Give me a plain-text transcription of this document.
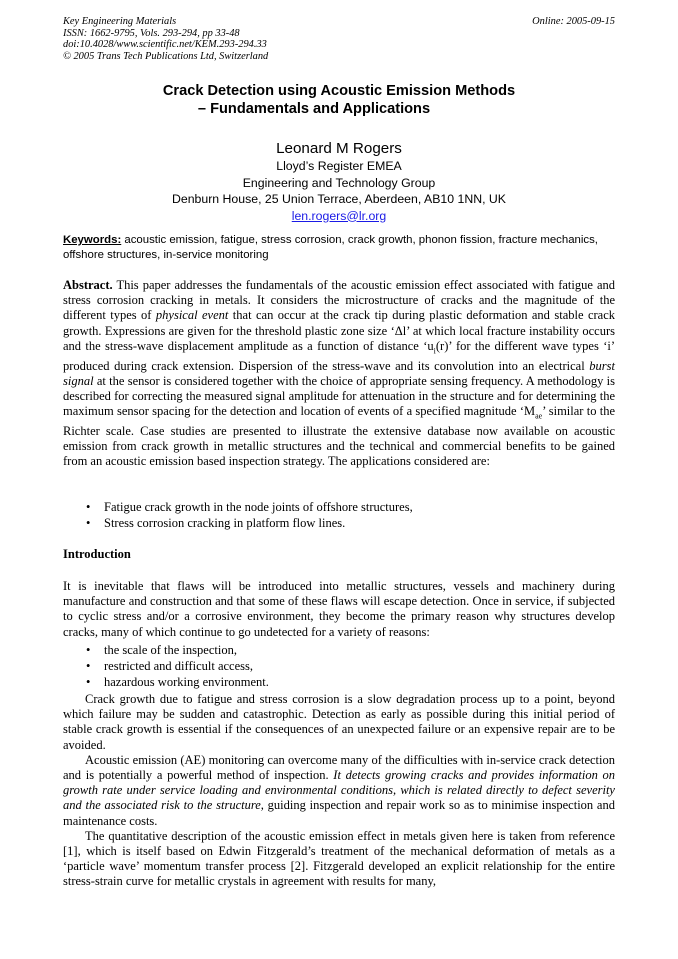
Key Engineering Materials
ISSN: 1662-9795, Vols. 293-294, pp 33-48
doi:10.4028/www.scientific.net/KEM.293-294.33
© 2005 Trans Tech Publications Ltd, Switzerland
Online: 2005-09-15
Crack Detection using Acoustic Emission Methods
– Fundamentals and Applications
Leonard M Rogers
Lloyd’s Register EMEA
Engineering and Technology Group
Denburn House, 25 Union Terrace, Aberdeen, AB10 1NN, UK
len.rogers@lr.org
Keywords: acoustic emission, fatigue, stress corrosion, crack growth, phonon fission, fracture mechanics, offshore structures, in-service monitoring

Abstract. This paper addresses the fundamentals of the acoustic emission effect associated with fatigue and stress corrosion cracking in metals. It considers the microstructure of cracks and the magnitude of the different types of physical event that can occur at the crack tip during plastic deformation and stable crack growth. Expressions are given for the threshold plastic zone size ‘Δl’ at which local fracture instability occurs and the stress-wave displacement amplitude as a function of distance ‘$u_i(r)$’ for the different wave types ‘i’ produced during crack extension. Dispersion of the stress-wave and its convolution into an electrical burst signal at the sensor is considered together with the choice of appropriate sensing frequency. A methodology is described for correcting the measured signal amplitude for attenuation in the structure and for determining the maximum sensor spacing for the detection and location of events of a specified magnitude ‘$M_{ae}$’ similar to the Richter scale. Case studies are presented to illustrate the extensive database now available on acoustic emission from crack growth in metallic structures and the technical and commercial benefits to be gained from an acoustic emission based inspection strategy. The applications considered are:

• Fatigue crack growth in the node joints of offshore structures,
• Stress corrosion cracking in platform flow lines.
Introduction

It is inevitable that flaws will be introduced into metallic structures, vessels and machinery during manufacture and construction and that some of these flaws will escape detection. Once in service, if subjected to cyclic stress and/or a corrosive environment, they become the primary reason why structures develop cracks, many of which continue to go undetected for a variety of reasons:

• the scale of the inspection,
• restricted and difficult access,
• hazardous working environment.

Crack growth due to fatigue and stress corrosion is a slow degradation process up to a point, beyond which failure may be sudden and catastrophic. Detection as early as possible during this initial period of stable crack growth is essential if the consequences of an unexpected failure or an expensive repair are to be avoided.

Acoustic emission (AE) monitoring can overcome many of the difficulties with in-service crack detection and is potentially a powerful method of inspection. It detects growing cracks and provides information on growth rate under service loading and environmental conditions, which is related directly to defect severity and the associated risk to the structure, guiding inspection and repair work so as to minimise inspection and maintenance costs.

The quantitative description of the acoustic emission effect in metals given here is taken from reference [1], which is itself based on Edwin Fitzgerald’s treatment of the mechanical deformation of metals as a ‘particle wave’ momentum transfer process [2]. Fitzgerald developed an explicit relationship for the entire stress-strain curve for metallic crystals in agreement with results for many,
